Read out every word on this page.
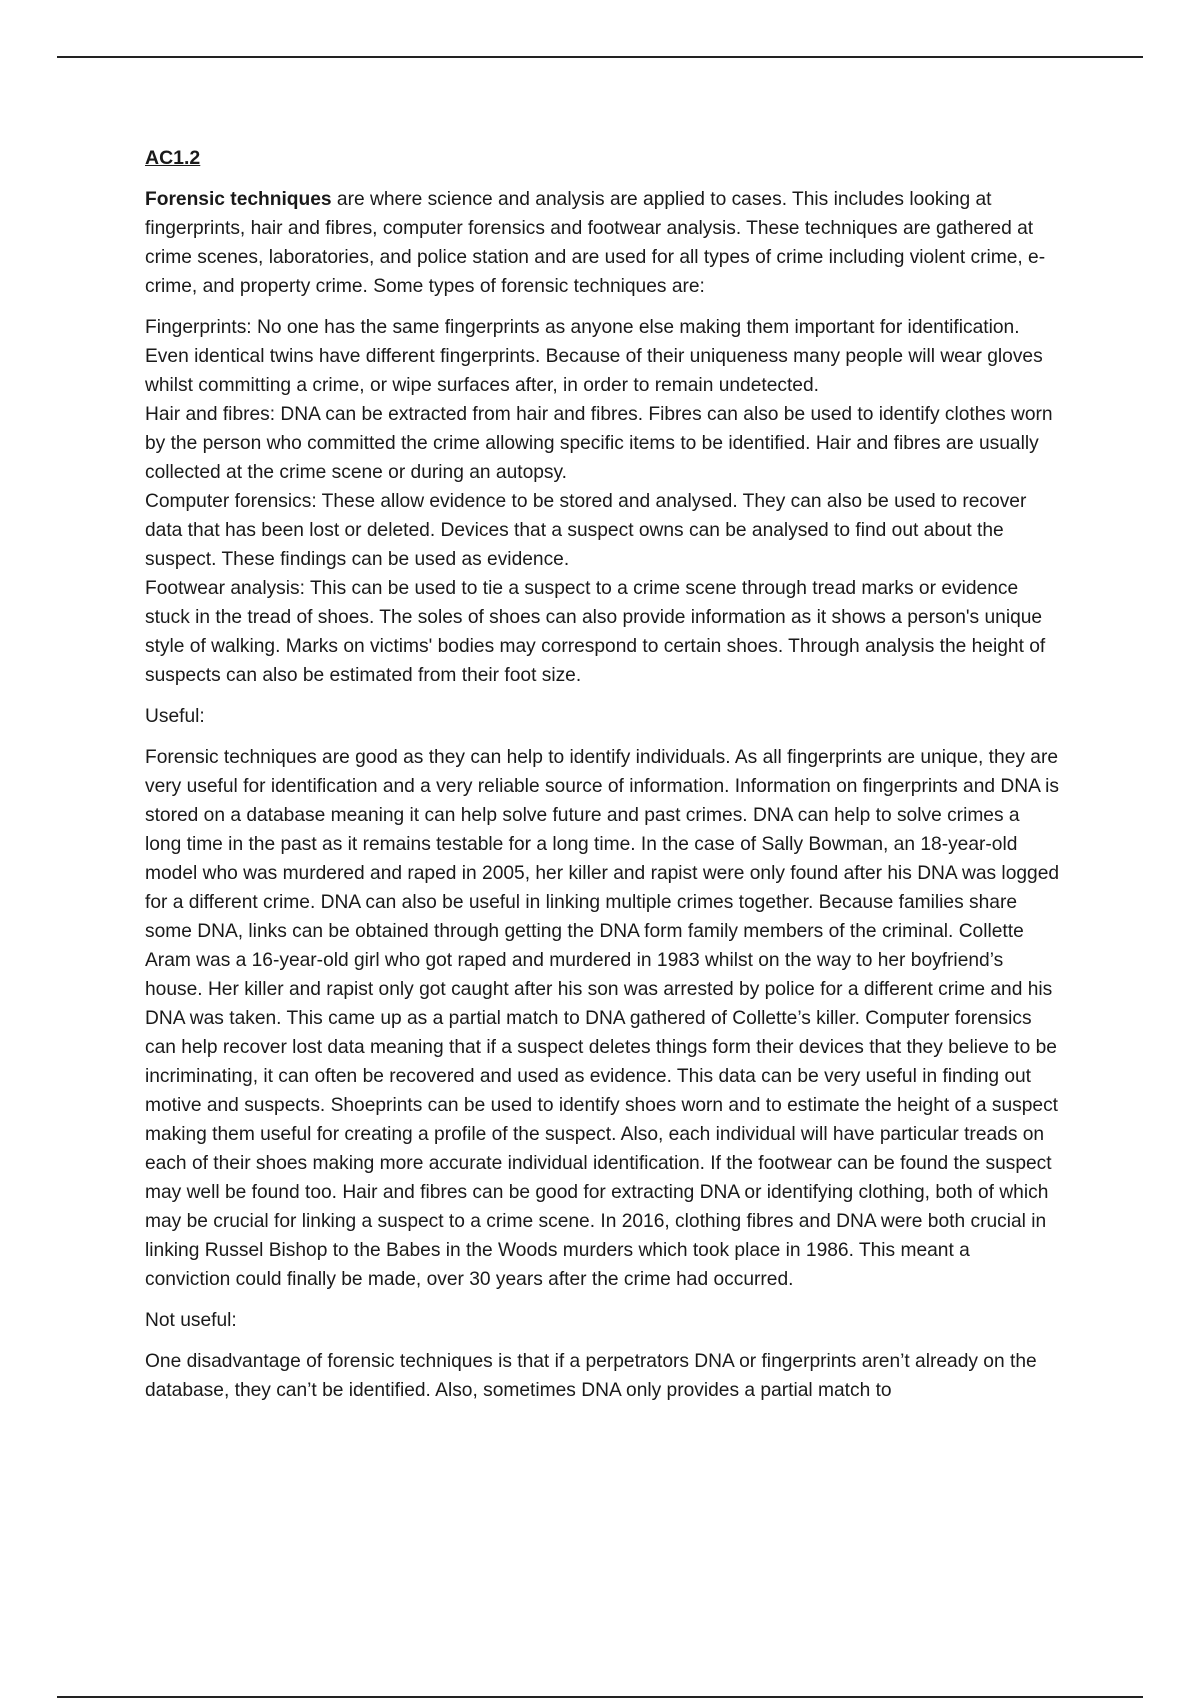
AC1.2

Forensic techniques are where science and analysis are applied to cases. This includes looking at fingerprints, hair and fibres, computer forensics and footwear analysis. These techniques are gathered at crime scenes, laboratories, and police station and are used for all types of crime including violent crime, e-crime, and property crime. Some types of forensic techniques are:

Fingerprints: No one has the same fingerprints as anyone else making them important for identification. Even identical twins have different fingerprints. Because of their uniqueness many people will wear gloves whilst committing a crime, or wipe surfaces after, in order to remain undetected.

Hair and fibres: DNA can be extracted from hair and fibres. Fibres can also be used to identify clothes worn by the person who committed the crime allowing specific items to be identified. Hair and fibres are usually collected at the crime scene or during an autopsy.

Computer forensics: These allow evidence to be stored and analysed. They can also be used to recover data that has been lost or deleted. Devices that a suspect owns can be analysed to find out about the suspect. These findings can be used as evidence.

Footwear analysis: This can be used to tie a suspect to a crime scene through tread marks or evidence stuck in the tread of shoes. The soles of shoes can also provide information as it shows a person's unique style of walking. Marks on victims' bodies may correspond to certain shoes. Through analysis the height of suspects can also be estimated from their foot size.

Useful:

Forensic techniques are good as they can help to identify individuals. As all fingerprints are unique, they are very useful for identification and a very reliable source of information. Information on fingerprints and DNA is stored on a database meaning it can help solve future and past crimes. DNA can help to solve crimes a long time in the past as it remains testable for a long time. In the case of Sally Bowman, an 18-year-old model who was murdered and raped in 2005, her killer and rapist were only found after his DNA was logged for a different crime. DNA can also be useful in linking multiple crimes together. Because families share some DNA, links can be obtained through getting the DNA form family members of the criminal. Collette Aram was a 16-year-old girl who got raped and murdered in 1983 whilst on the way to her boyfriend’s house. Her killer and rapist only got caught after his son was arrested by police for a different crime and his DNA was taken. This came up as a partial match to DNA gathered of Collette’s killer. Computer forensics can help recover lost data meaning that if a suspect deletes things form their devices that they believe to be incriminating, it can often be recovered and used as evidence. This data can be very useful in finding out motive and suspects. Shoeprints can be used to identify shoes worn and to estimate the height of a suspect making them useful for creating a profile of the suspect. Also, each individual will have particular treads on each of their shoes making more accurate individual identification. If the footwear can be found the suspect may well be found too. Hair and fibres can be good for extracting DNA or identifying clothing, both of which may be crucial for linking a suspect to a crime scene. In 2016, clothing fibres and DNA were both crucial in linking Russel Bishop to the Babes in the Woods murders which took place in 1986. This meant a conviction could finally be made, over 30 years after the crime had occurred.

Not useful:

One disadvantage of forensic techniques is that if a perpetrators DNA or fingerprints aren’t already on the database, they can’t be identified. Also, sometimes DNA only provides a partial match to
